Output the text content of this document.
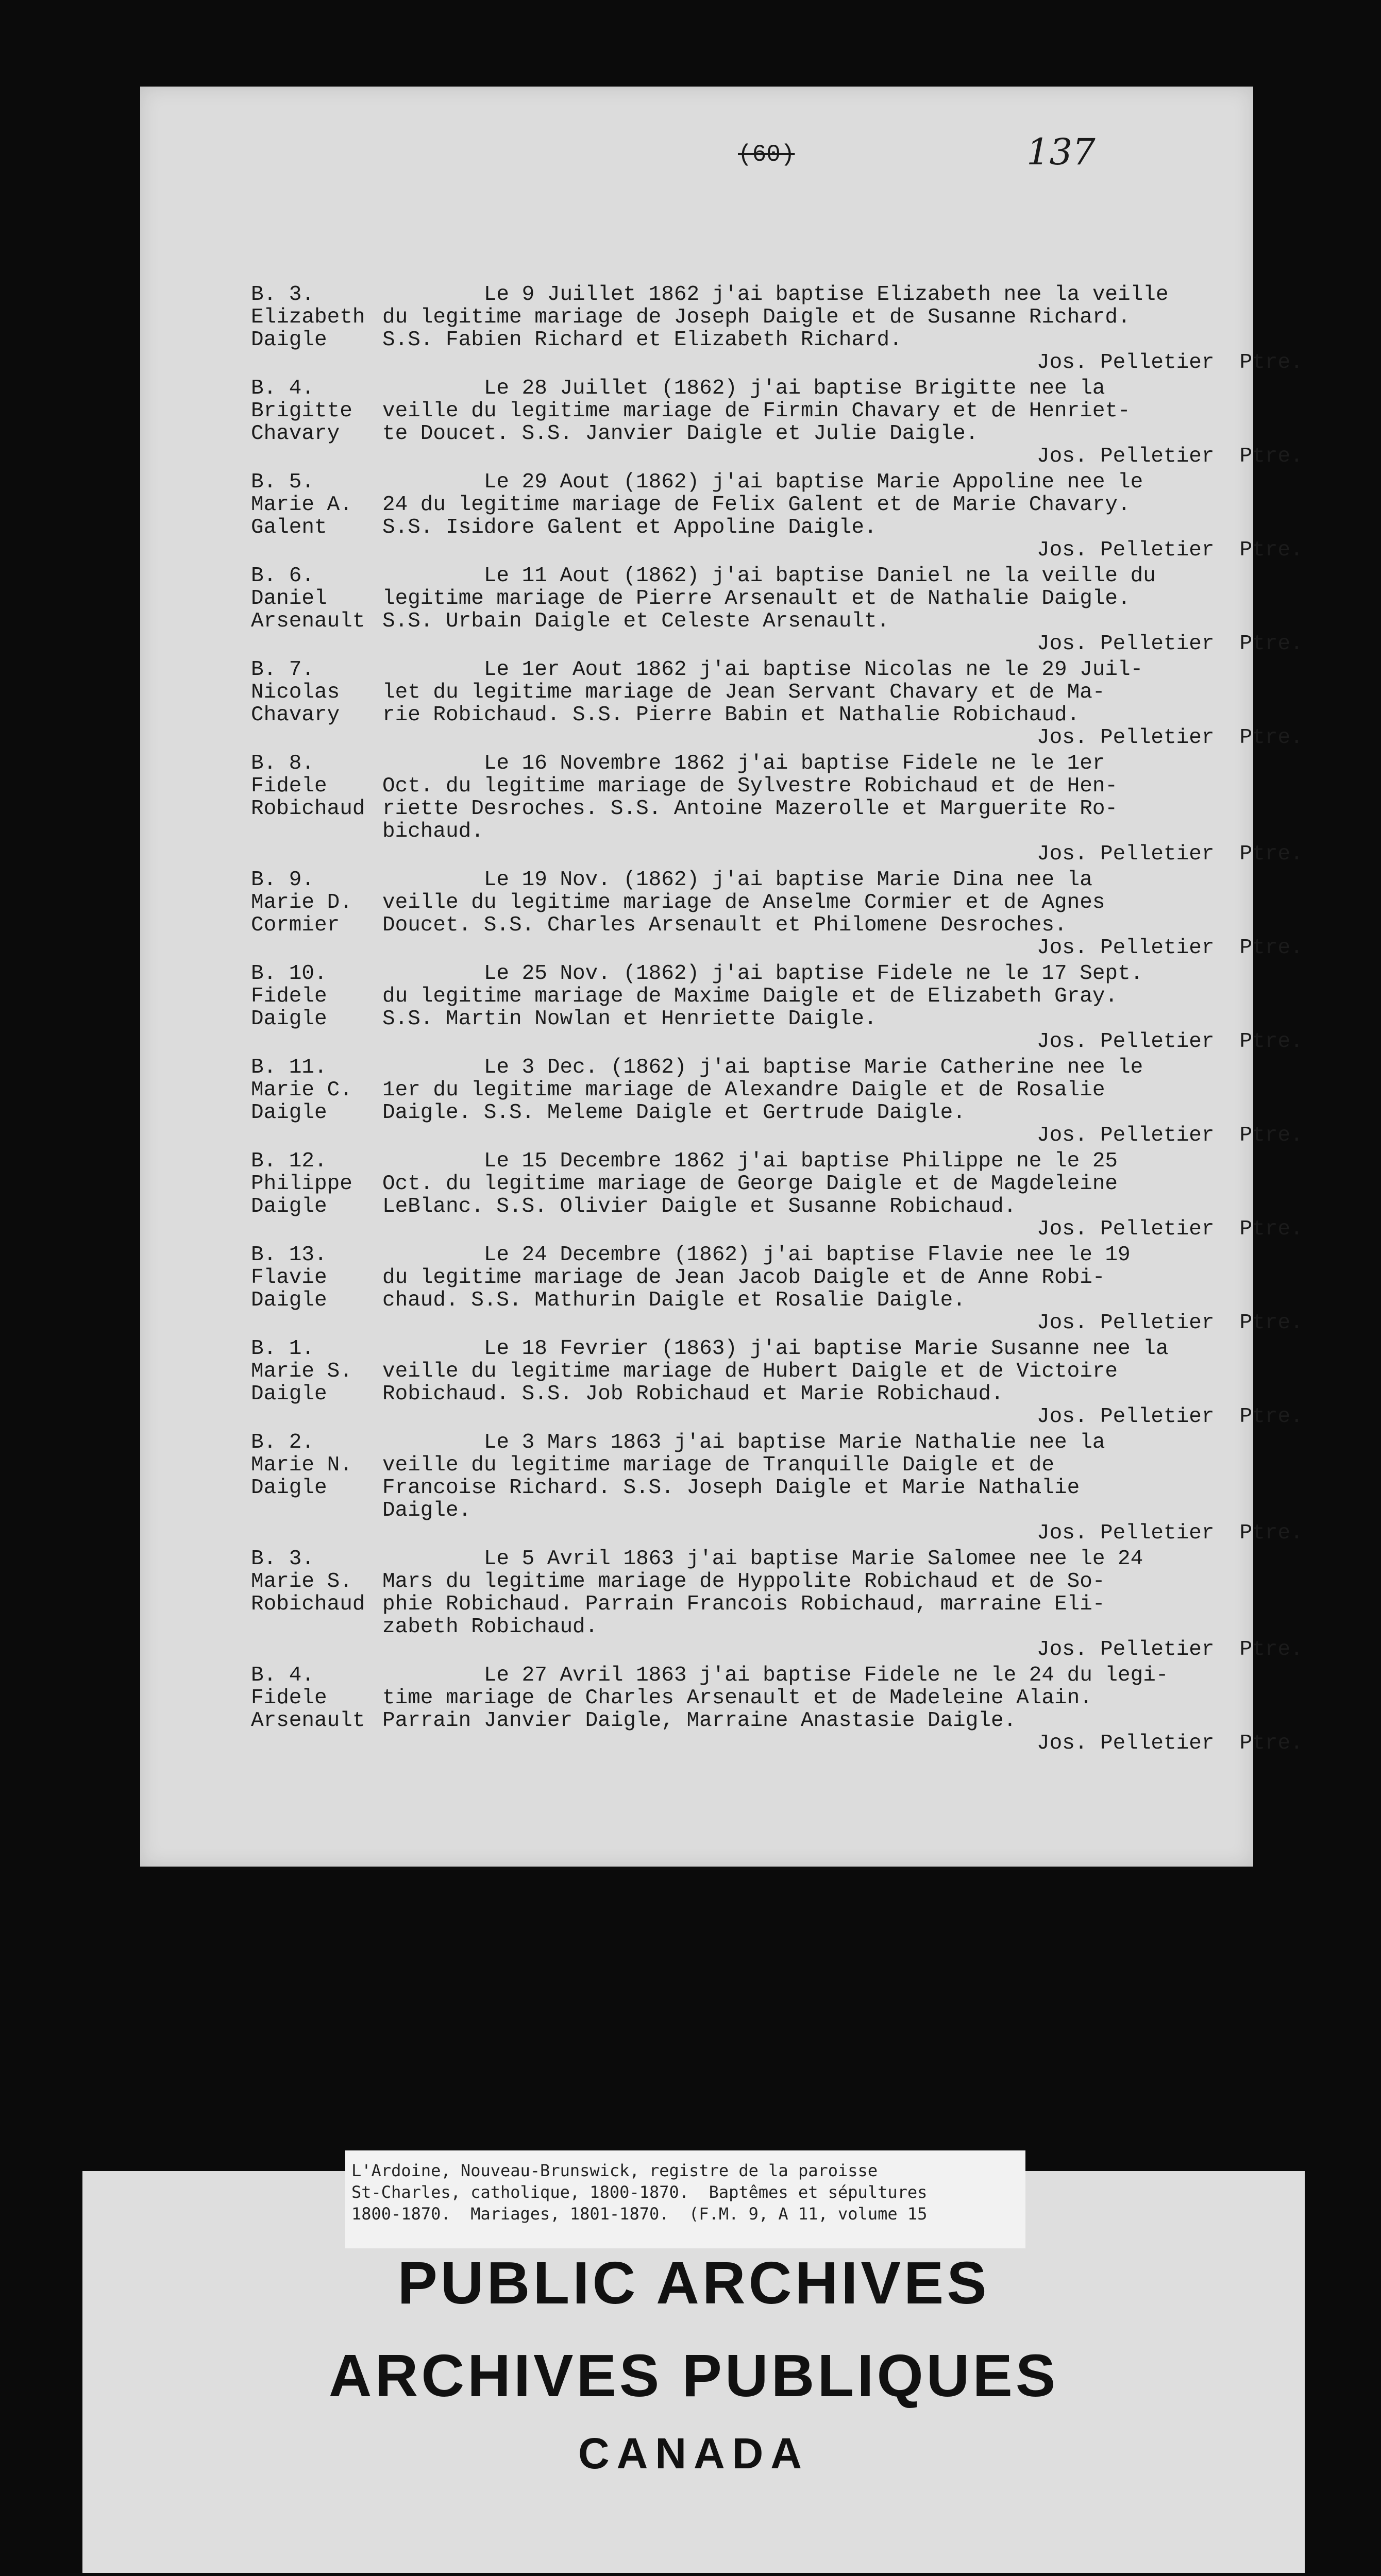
(60)	137
B. 3.
Elizabeth
Daigle
Le 9 Juillet 1862 j'ai baptise Elizabeth nee la veille
du legitime mariage de Joseph Daigle et de Susanne Richard.
S.S. Fabien Richard et Elizabeth Richard.
Jos. Pelletier  Ptre.
B. 4.
Brigitte
Chavary
Le 28 Juillet (1862) j'ai baptise Brigitte nee la
veille du legitime mariage de Firmin Chavary et de Henriet-
te Doucet. S.S. Janvier Daigle et Julie Daigle.
Jos. Pelletier  Ptre.
B. 5.
Marie A.
Galent
Le 29 Aout (1862) j'ai baptise Marie Appoline nee le
24 du legitime mariage de Felix Galent et de Marie Chavary.
S.S. Isidore Galent et Appoline Daigle.
Jos. Pelletier  Ptre.
B. 6.
Daniel
Arsenault
Le 11 Aout (1862) j'ai baptise Daniel ne la veille du
legitime mariage de Pierre Arsenault et de Nathalie Daigle.
S.S. Urbain Daigle et Celeste Arsenault.
Jos. Pelletier  Ptre.
B. 7.
Nicolas
Chavary
Le 1er Aout 1862 j'ai baptise Nicolas ne le 29 Juil-
let du legitime mariage de Jean Servant Chavary et de Ma-
rie Robichaud. S.S. Pierre Babin et Nathalie Robichaud.
Jos. Pelletier  Ptre.
B. 8.
Fidele
Robichaud
Le 16 Novembre 1862 j'ai baptise Fidele ne le 1er
Oct. du legitime mariage de Sylvestre Robichaud et de Hen-
riette Desroches. S.S. Antoine Mazerolle et Marguerite Ro-
bichaud.
Jos. Pelletier  Ptre.
B. 9.
Marie D.
Cormier
Le 19 Nov. (1862) j'ai baptise Marie Dina nee la
veille du legitime mariage de Anselme Cormier et de Agnes
Doucet. S.S. Charles Arsenault et Philomene Desroches.
Jos. Pelletier  Ptre.
B. 10.
Fidele
Daigle
Le 25 Nov. (1862) j'ai baptise Fidele ne le 17 Sept.
du legitime mariage de Maxime Daigle et de Elizabeth Gray.
S.S. Martin Nowlan et Henriette Daigle.
Jos. Pelletier  Ptre.
B. 11.
Marie C.
Daigle
Le 3 Dec. (1862) j'ai baptise Marie Catherine nee le
1er du legitime mariage de Alexandre Daigle et de Rosalie
Daigle. S.S. Meleme Daigle et Gertrude Daigle.
Jos. Pelletier  Ptre.
B. 12.
Philippe
Daigle
Le 15 Decembre 1862 j'ai baptise Philippe ne le 25
Oct. du legitime mariage de George Daigle et de Magdeleine
LeBlanc. S.S. Olivier Daigle et Susanne Robichaud.
Jos. Pelletier  Ptre.
B. 13.
Flavie
Daigle
Le 24 Decembre (1862) j'ai baptise Flavie nee le 19
du legitime mariage de Jean Jacob Daigle et de Anne Robi-
chaud. S.S. Mathurin Daigle et Rosalie Daigle.
Jos. Pelletier  Ptre.
B. 1.
Marie S.
Daigle
Le 18 Fevrier (1863) j'ai baptise Marie Susanne nee la
veille du legitime mariage de Hubert Daigle et de Victoire
Robichaud. S.S. Job Robichaud et Marie Robichaud.
Jos. Pelletier  Ptre.
B. 2.
Marie N.
Daigle
Le 3 Mars 1863 j'ai baptise Marie Nathalie nee la
veille du legitime mariage de Tranquille Daigle et de
Francoise Richard. S.S. Joseph Daigle et Marie Nathalie
Daigle.
Jos. Pelletier  Ptre.
B. 3.
Marie S.
Robichaud
Le 5 Avril 1863 j'ai baptise Marie Salomee nee le 24
Mars du legitime mariage de Hyppolite Robichaud et de So-
phie Robichaud. Parrain Francois Robichaud, marraine Eli-
zabeth Robichaud.
Jos. Pelletier  Ptre.
B. 4.
Fidele
Arsenault
Le 27 Avril 1863 j'ai baptise Fidele ne le 24 du legi-
time mariage de Charles Arsenault et de Madeleine Alain.
Parrain Janvier Daigle, Marraine Anastasie Daigle.
Jos. Pelletier  Ptre.
L'Ardoine, Nouveau-Brunswick, registre de la paroisse
St-Charles, catholique, 1800-1870.  Baptêmes et sépultures
1800-1870.  Mariages, 1801-1870.  (F.M. 9, A 11, volume 15
PUBLIC ARCHIVES
ARCHIVES PUBLIQUES
CANADA
